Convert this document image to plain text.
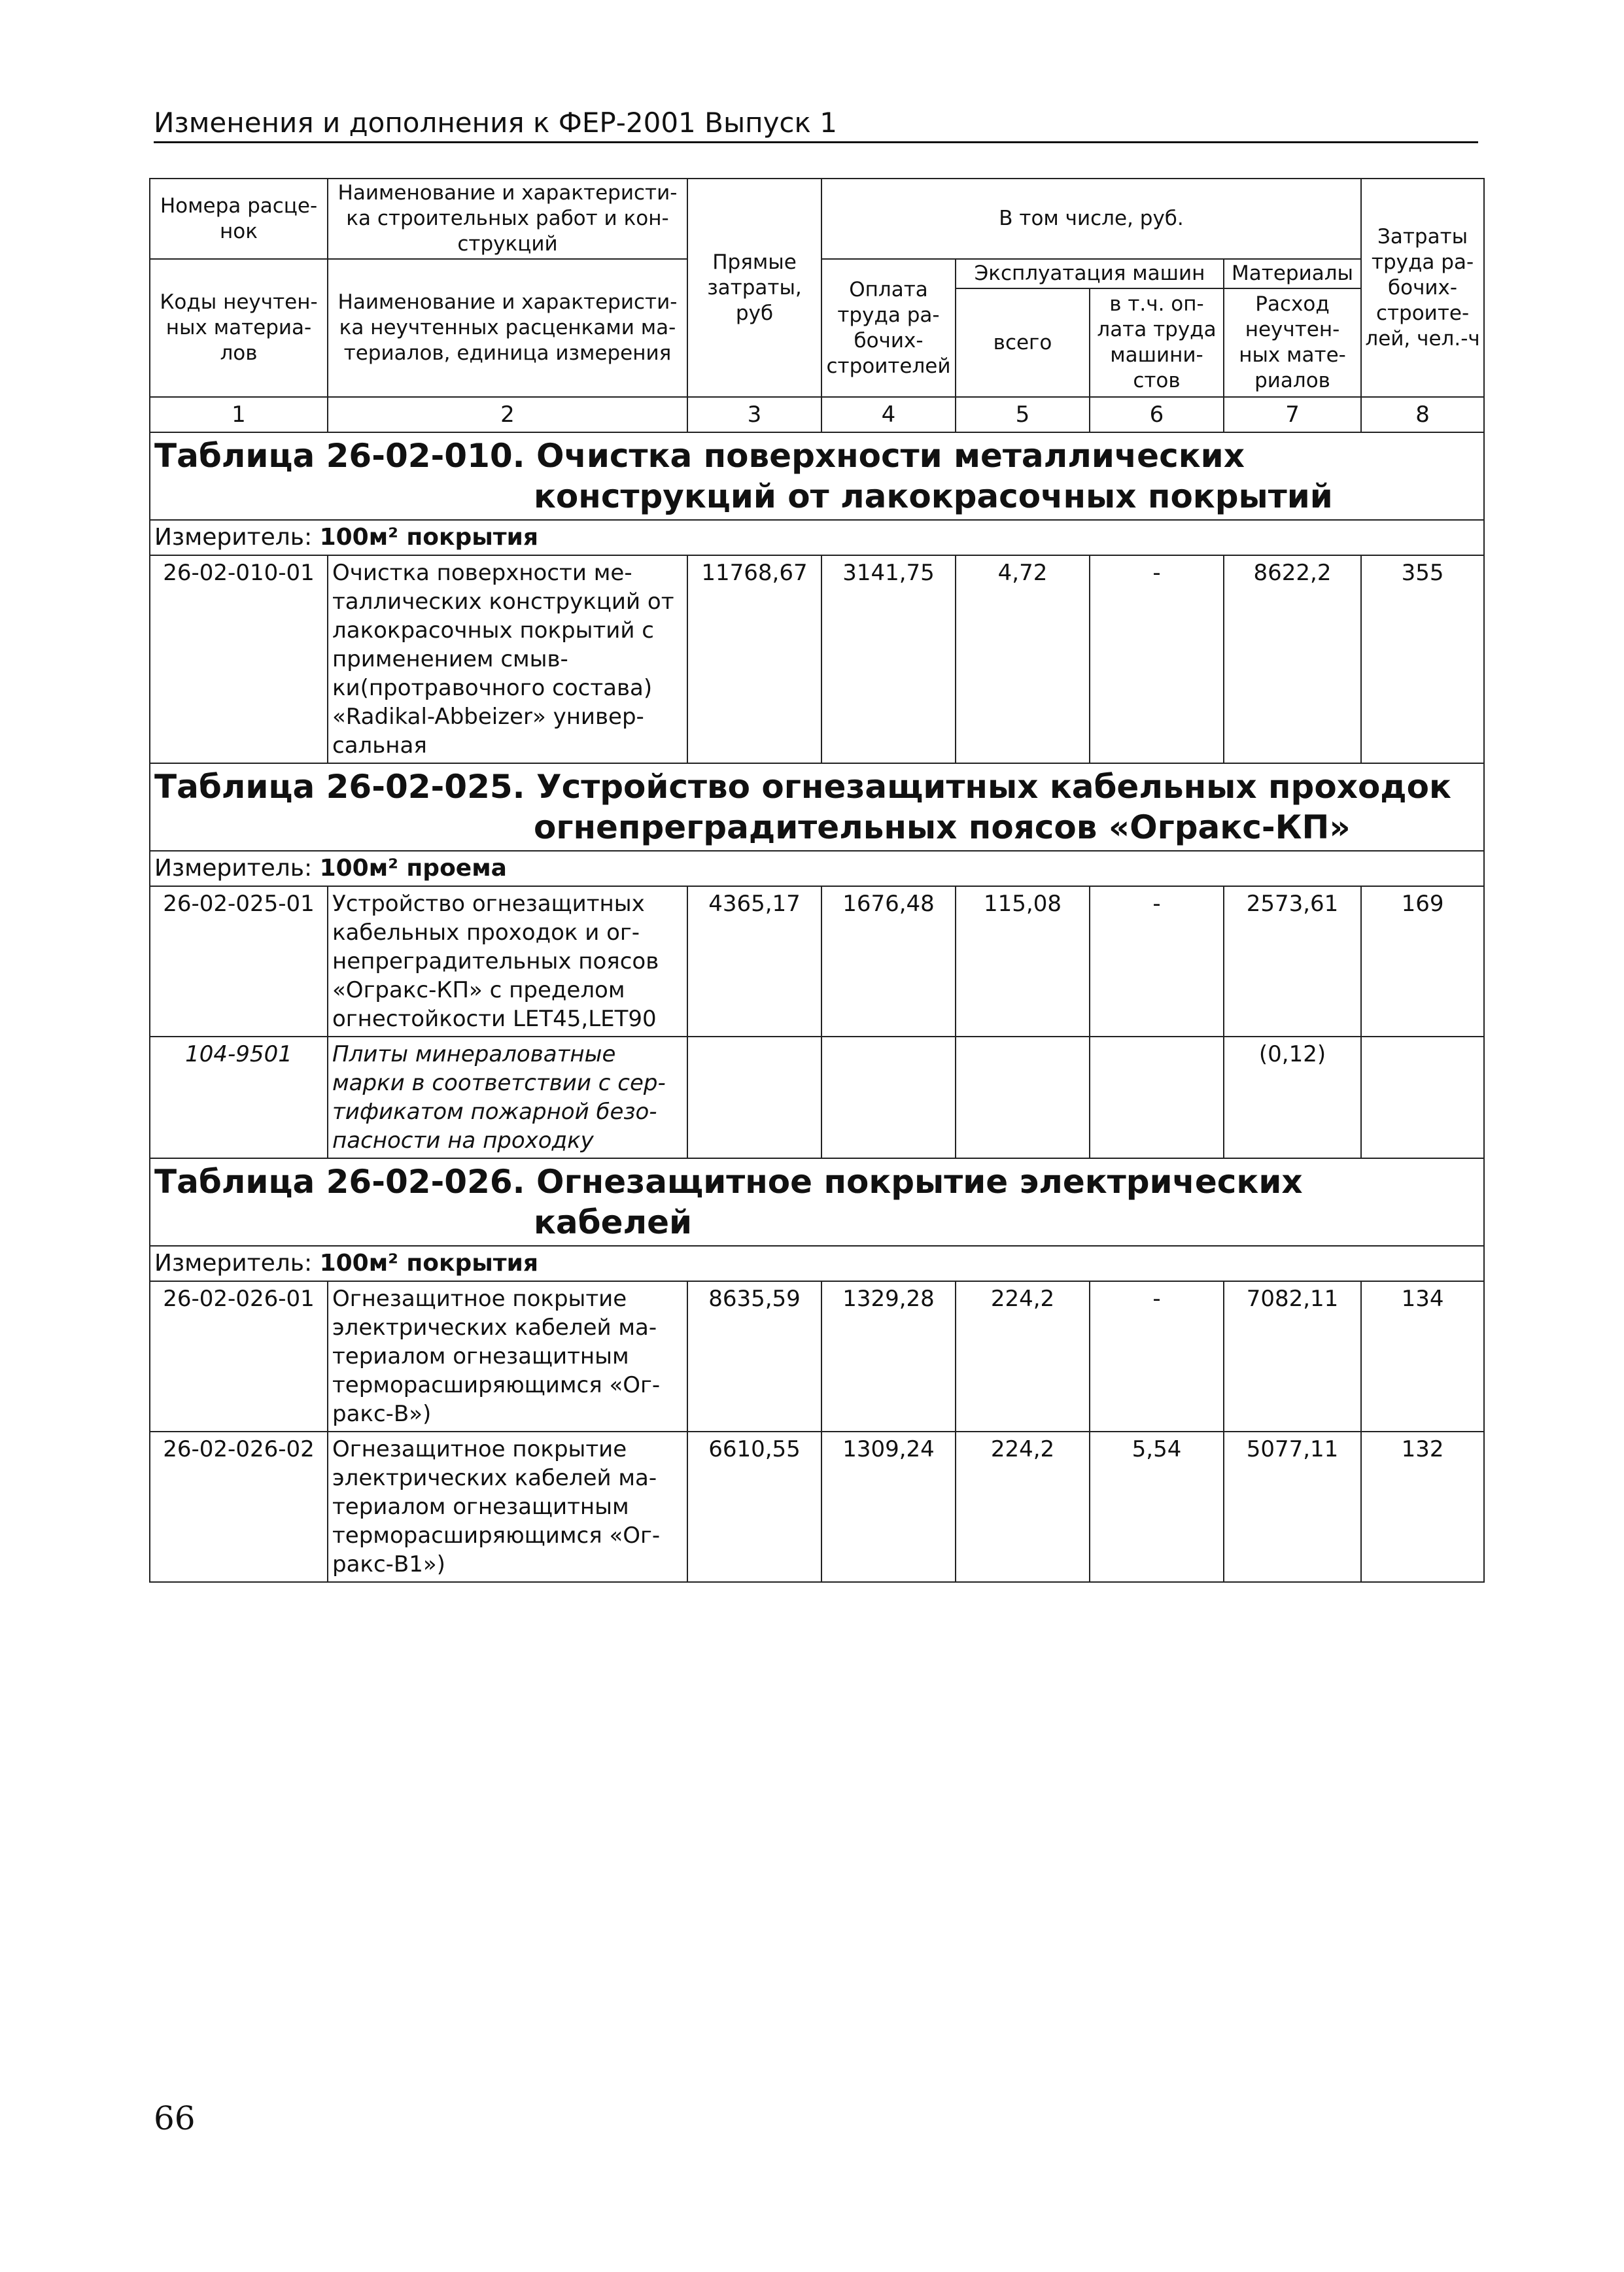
Изменения и дополнения к ФЕР-2001 Выпуск 1
Номера расце-нок	Наименование и характеристи-ка строительных работ и кон-струкций	Прямые затраты, руб	В том числе, руб.				Затраты труда ра-бочих-строите-лей, чел.-ч
Коды неучтен-ных материа-лов	Наименование и характеристи-ка неучтенных расценками ма-териалов, единица измерения		Оплата труда ра-бочих-строителей	Эксплуатация машин		Материалы	
				всего	в т.ч. оп-лата труда машини-стов	Расход неучтен-ных мате-риалов	
1	2	3	4	5	6	7	8

Таблица 26-02-010. Очистка поверхности металлических
конструкций от лакокрасочных покрытий							

Измеритель: 100м² покрытия							
26-02-010-01	Очистка поверхности ме-таллических конструкций от лакокрасочных покрытий с применением смыв-ки(протравочного состава) «Radikal-Abbeizer» универ-сальная	11768,67	3141,75	4,72	-	8622,2	355

Таблица 26-02-025. Устройство огнезащитных кабельных проходок
огнепреградительных поясов «Огракс-КП»							

Измеритель: 100м² проема							
26-02-025-01	Устройство огнезащитных кабельных проходок и ог-непреградительных поясов «Огракс-КП» с пределом огнестойкости LET45,LET90	4365,17	1676,48	115,08	-	2573,61	169
104-9501	Плиты минераловатные марки в соответствии с сер-тификатом пожарной безо-пасности на проходку					(0,12)	

Таблица 26-02-026. Огнезащитное покрытие электрических
кабелей							

Измеритель: 100м² покрытия							
26-02-026-01	Огнезащитное покрытие электрических кабелей ма-териалом огнезащитным терморасширяющимся «Ог-ракс-В»)	8635,59	1329,28	224,2	-	7082,11	134
26-02-026-02	Огнезащитное покрытие электрических кабелей ма-териалом огнезащитным терморасширяющимся «Ог-ракс-В1»)	6610,55	1309,24	224,2	5,54	5077,11	132
66
